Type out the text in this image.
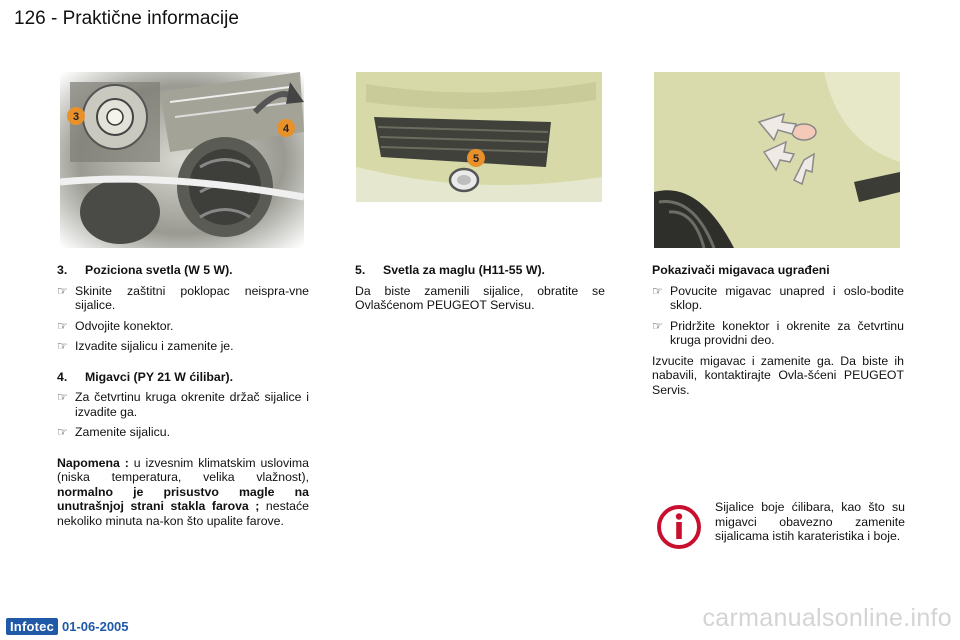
126 - Praktične informacije
3
4
5
3. Poziciona svetla (W 5 W).
☞ Skinite zaštitni poklopac neispra-vne sijalice.
☞ Odvojite konektor.
☞ Izvadite sijalicu i zamenite je.
4. Migavci (PY 21 W ćilibar).
☞ Za četvrtinu kruga okrenite držač sijalice i izvadite ga.
☞ Zamenite sijalicu.

Napomena : u izvesnim klimatskim uslovima (niska temperatura, velika vlažnost), normalno je prisustvo magle na unutrašnjoj strani stakla farova ; nestaće nekoliko minuta na-kon što upalite farove.

5. Svetla za maglu (H11-55 W).

Da biste zamenili sijalice, obratite se Ovlašćenom PEUGEOT Servisu.

Pokazivači migavaca ugrađeni
☞ Povucite migavac unapred i oslo-bodite sklop.
☞ Pridržite konektor i okrenite za četvrtinu kruga providni deo.

Izvucite migavac i zamenite ga. Da biste ih nabavili, kontaktirajte Ovla-šćeni PEUGEOT Servis.

Sijalice boje ćilibara, kao što su migavci obavezno zamenite sijalicama istih karateristika i boje.
Infotec 01-06-2005	carmanualsonline.info
